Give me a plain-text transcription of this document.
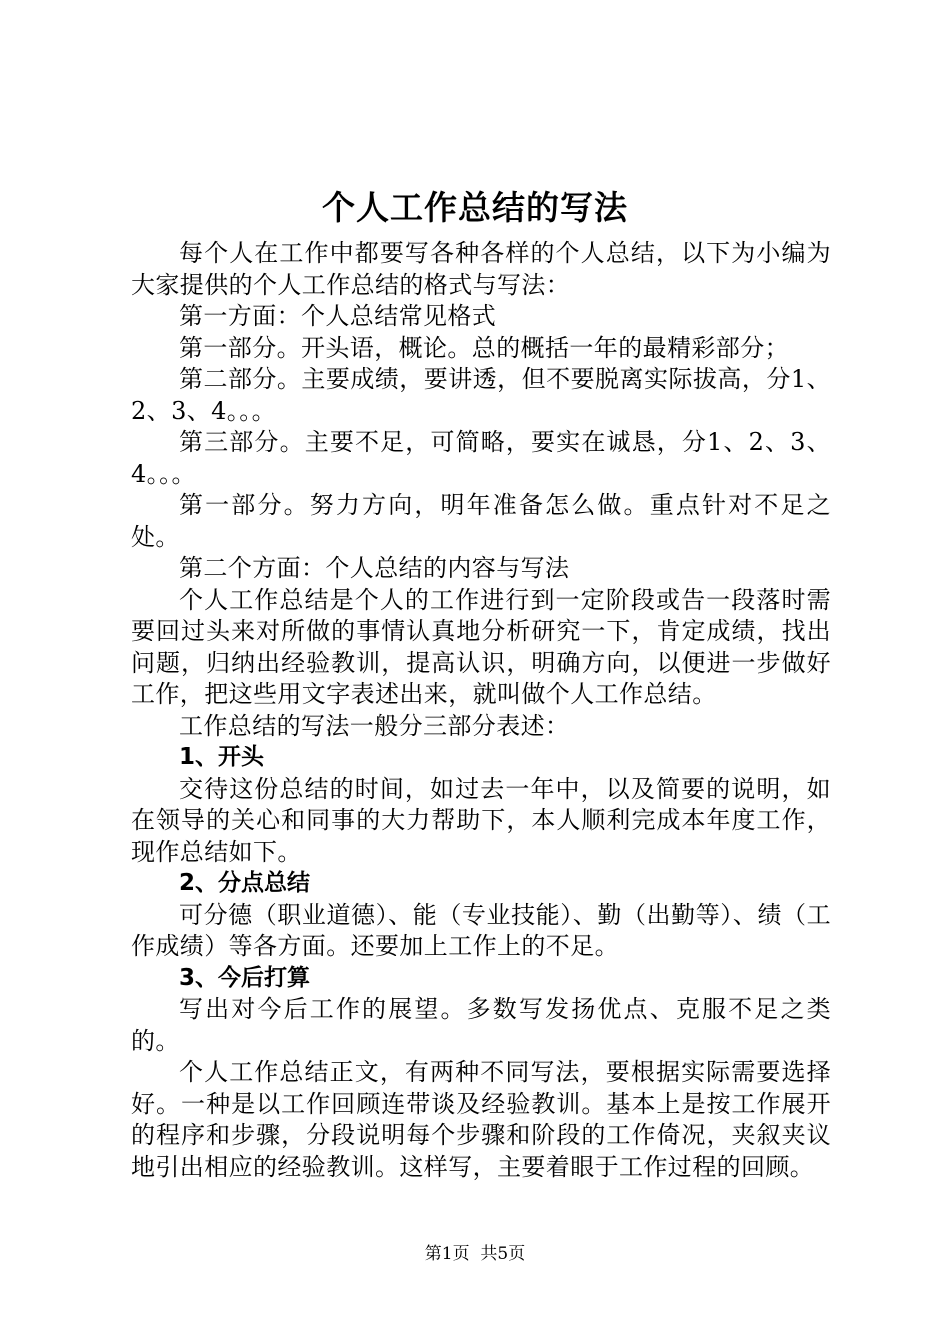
个人工作总结的写法

每个人在工作中都要写各种各样的个人总结，以下为小编为大家提供的个人工作总结的格式与写法：

第一方面：个人总结常见格式

第一部分。开头语，概论。总的概括一年的最精彩部分；

第二部分。主要成绩，要讲透，但不要脱离实际拔高，分1、2、3、4。。。

第三部分。主要不足，可简略，要实在诚恳，分1、2、3、4。。。

第一部分。努力方向，明年准备怎么做。重点针对不足之处。

第二个方面：个人总结的内容与写法

个人工作总结是个人的工作进行到一定阶段或告一段落时需要回过头来对所做的事情认真地分析研究一下，肯定成绩，找出问题，归纳出经验教训，提高认识，明确方向，以便进一步做好工作，把这些用文字表述出来，就叫做个人工作总结。

工作总结的写法一般分三部分表述：

1、开头

交待这份总结的时间，如过去一年中，以及简要的说明，如在领导的关心和同事的大力帮助下，本人顺利完成本年度工作，现作总结如下。

2、分点总结

可分德（职业道德）、能（专业技能）、勤（出勤等）、绩（工作成绩）等各方面。还要加上工作上的不足。

3、今后打算

写出对今后工作的展望。多数写发扬优点、克服不足之类的。

个人工作总结正文，有两种不同写法，要根据实际需要选择好。一种是以工作回顾连带谈及经验教训。基本上是按工作展开的程序和步骤，分段说明每个步骤和阶段的工作倚况，夹叙夹议地引出相应的经验教训。这样写，主要着眼于工作过程的回顾。

第1页  共5页
